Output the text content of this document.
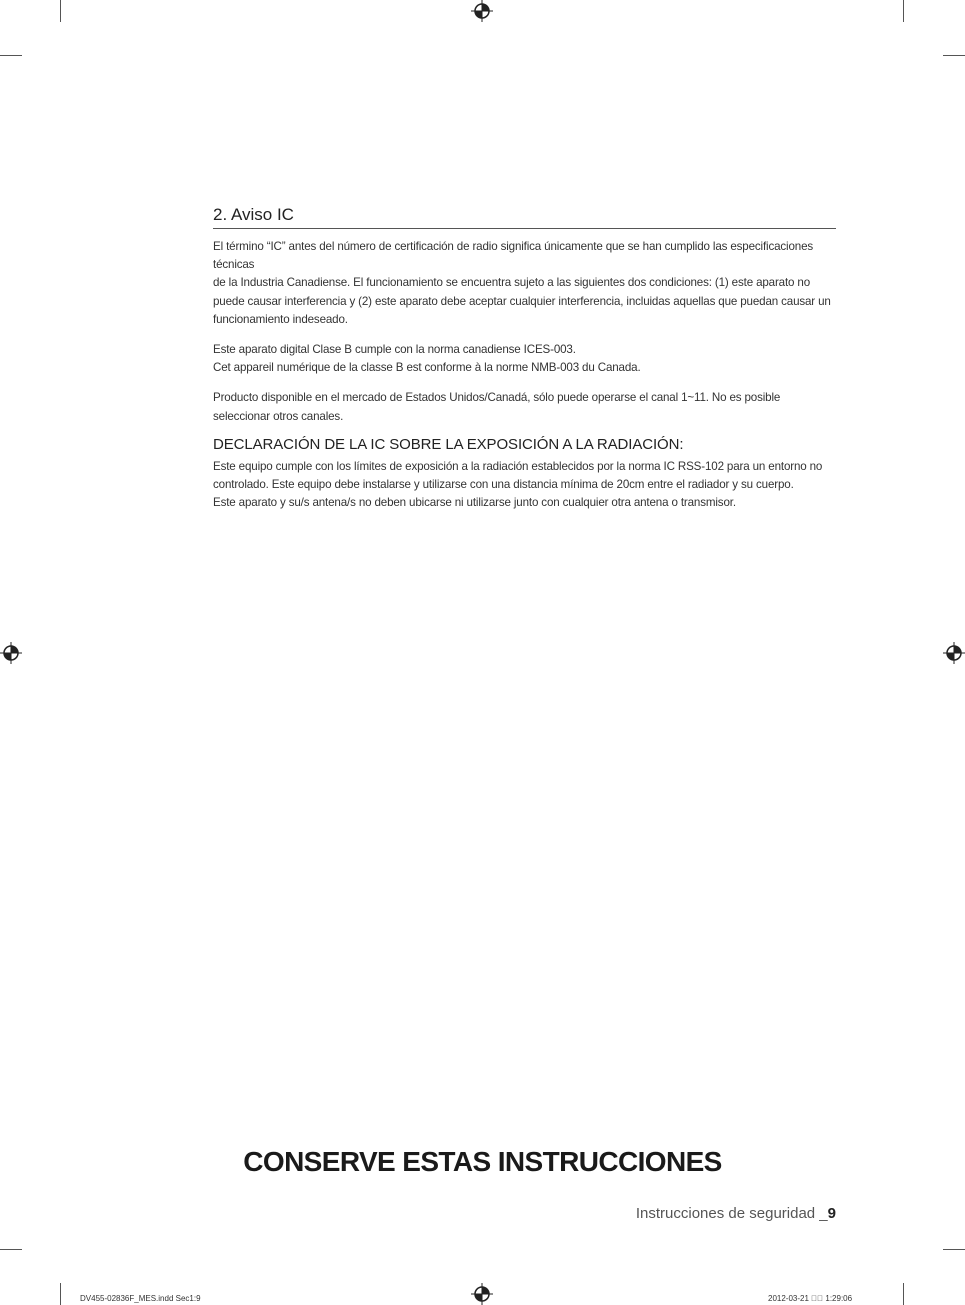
2. Aviso IC

El término “IC” antes del número de certificación de radio significa únicamente que se han cumplido las especificaciones técnicas

de la Industria Canadiense. El funcionamiento se encuentra sujeto a las siguientes dos condiciones: (1) este aparato no puede causar interferencia y (2) este aparato debe aceptar cualquier interferencia, incluidas aquellas que puedan causar un funcionamiento indeseado.

Este aparato digital Clase B cumple con la norma canadiense ICES-003.

Cet appareil numérique de la classe B est conforme à la norme NMB-003 du Canada.

Producto disponible en el mercado de Estados Unidos/Canadá, sólo puede operarse el canal 1~11. No es posible seleccionar otros canales.

DECLARACIÓN DE LA IC SOBRE LA EXPOSICIÓN A LA RADIACIÓN:

Este equipo cumple con los límites de exposición a la radiación establecidos por la norma IC RSS-102 para un entorno no controlado. Este equipo debe instalarse y utilizarse con una distancia mínima de 20cm entre el radiador y su cuerpo.

Este aparato y su/s antena/s no deben ubicarse ni utilizarse junto con cualquier otra antena o transmisor.

CONSERVE ESTAS INSTRUCCIONES
Instrucciones de seguridad _9
DV455-02836F_MES.indd Sec1:9	2012-03-21 ￿￿ 1:29:06
